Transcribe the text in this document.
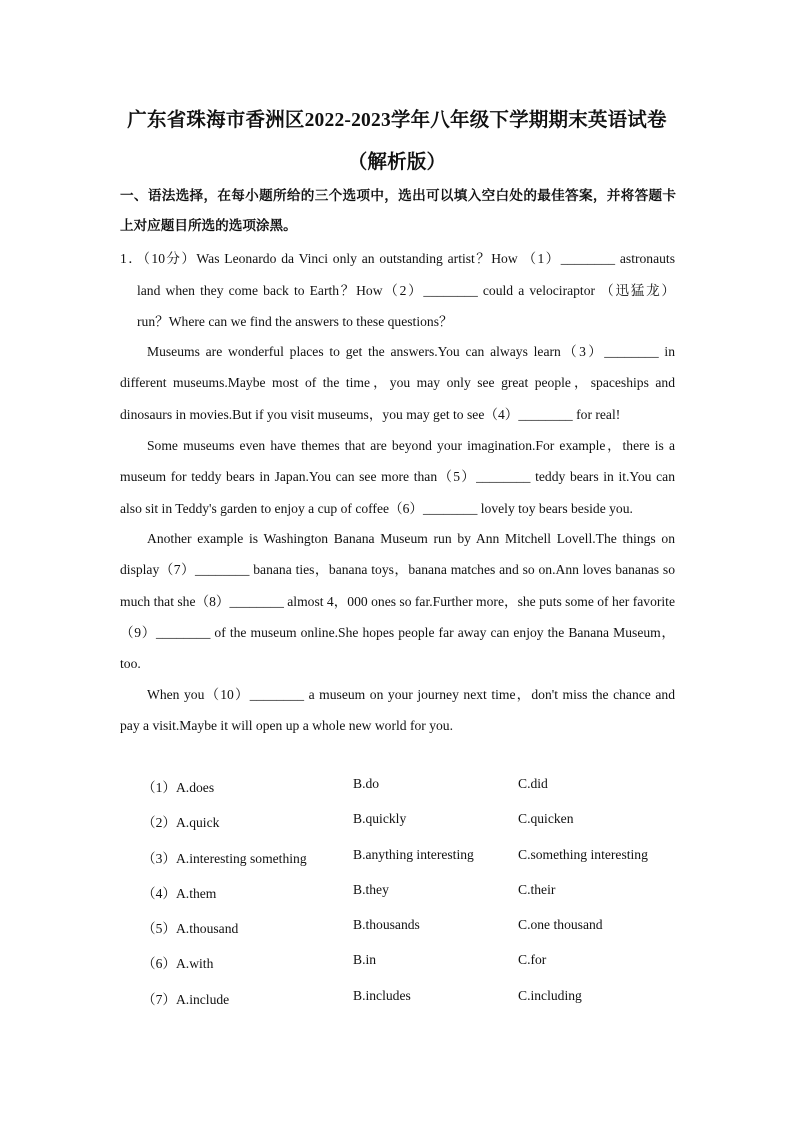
广东省珠海市香洲区2022-2023学年八年级下学期期末英语试卷
（解析版）
一、语法选择，在每小题所给的三个选项中，选出可以填入空白处的最佳答案，并将答题卡上对应题目所选的选项涂黑。
1．（10分）Was Leonardo da Vinci only an outstanding artist？How （1）________ astronauts
land when they come back to Earth？How（2）________ could a velociraptor （迅猛龙）
run？Where can we find the answers to these questions？
Museums are wonderful places to get the answers.You can always learn（3）________ in different museums.Maybe most of the time，you may only see great people，spaceships and dinosaurs in movies.But if you visit museums，you may get to see（4）________ for real!
Some museums even have themes that are beyond your imagination.For example，there is a museum for teddy bears in Japan.You can see more than（5）________ teddy bears in it.You can also sit in Teddy's garden to enjoy a cup of coffee（6）________ lovely toy bears beside you.
Another example is Washington Banana Museum run by Ann Mitchell Lovell.The things on display（7）________ banana ties，banana toys，banana matches and so on.Ann loves bananas so much that she（8）________ almost 4，000 ones so far.Further more，she puts some of her favorite （9）________ of the museum online.She hopes people far away can enjoy the Banana Museum，too.
When you（10）________ a museum on your journey next time，don't miss the chance and pay a visit.Maybe it will open up a whole new world for you.
（1）A.does	B.do	C.did
（2）A.quick	B.quickly	C.quicken
（3）A.interesting something	B.anything interesting	C.something interesting
（4）A.them	B.they	C.their
（5）A.thousand	B.thousands	C.one thousand
（6）A.with	B.in	C.for
（7）A.include	B.includes	C.including
